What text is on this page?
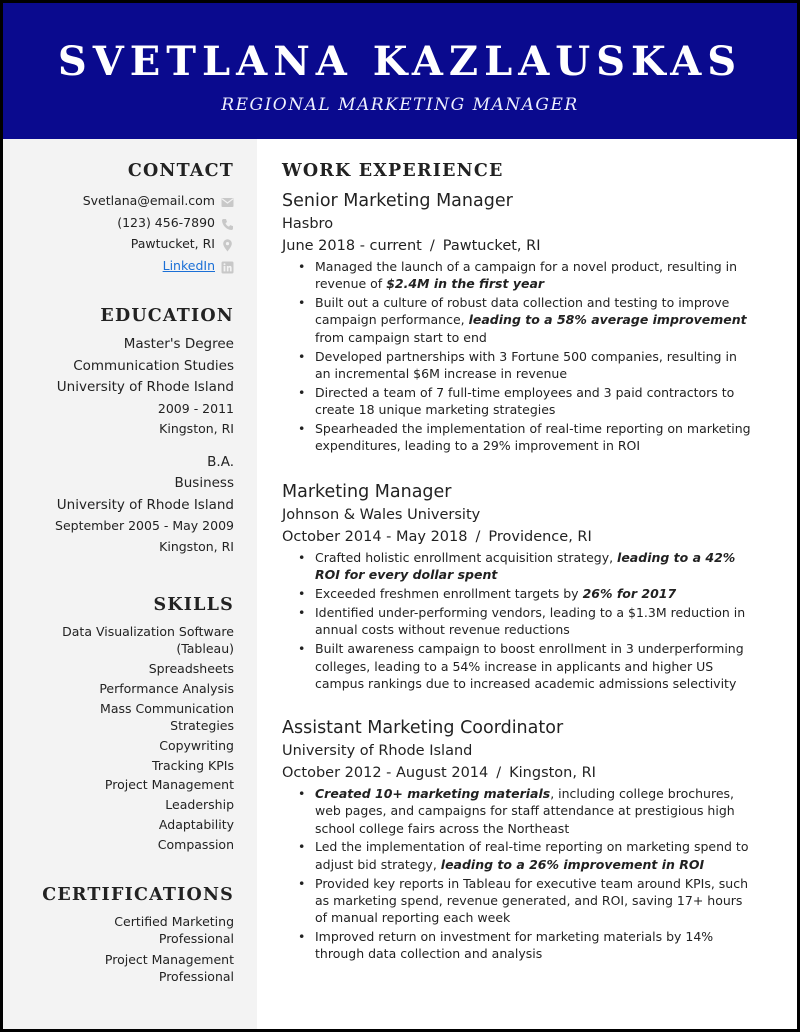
SVETLANA KAZLAUSKAS
REGIONAL MARKETING MANAGER
CONTACT
Svetlana@email.com
(123) 456-7890
Pawtucket, RI
LinkedIn
EDUCATION
Master's Degree
Communication Studies
University of Rhode Island
2009 - 2011
Kingston, RI
B.A.
Business
University of Rhode Island
September 2005 - May 2009
Kingston, RI
SKILLS
Data Visualization Software
(Tableau)
Spreadsheets
Performance Analysis
Mass Communication
Strategies
Copywriting
Tracking KPIs
Project Management
Leadership
Adaptability
Compassion
CERTIFICATIONS
Certified Marketing
Professional
Project Management
Professional
WORK EXPERIENCE
Senior Marketing Manager
Hasbro
June 2018 - current / Pawtucket, RI
• Managed the launch of a campaign for a novel product, resulting in revenue of $2.4M in the first year
• Built out a culture of robust data collection and testing to improve campaign performance, leading to a 58% average improvement from campaign start to end
• Developed partnerships with 3 Fortune 500 companies, resulting in an incremental $6M increase in revenue
• Directed a team of 7 full-time employees and 3 paid contractors to create 18 unique marketing strategies
• Spearheaded the implementation of real-time reporting on marketing expenditures, leading to a 29% improvement in ROI
Marketing Manager
Johnson & Wales University
October 2014 - May 2018 / Providence, RI
• Crafted holistic enrollment acquisition strategy, leading to a 42% ROI for every dollar spent
• Exceeded freshmen enrollment targets by 26% for 2017
• Identified under-performing vendors, leading to a $1.3M reduction in annual costs without revenue reductions
• Built awareness campaign to boost enrollment in 3 underperforming colleges, leading to a 54% increase in applicants and higher US campus rankings due to increased academic admissions selectivity
Assistant Marketing Coordinator
University of Rhode Island
October 2012 - August 2014 / Kingston, RI
• Created 10+ marketing materials, including college brochures, web pages, and campaigns for staff attendance at prestigious high school college fairs across the Northeast
• Led the implementation of real-time reporting on marketing spend to adjust bid strategy, leading to a 26% improvement in ROI
• Provided key reports in Tableau for executive team around KPIs, such as marketing spend, revenue generated, and ROI, saving 17+ hours of manual reporting each week
• Improved return on investment for marketing materials by 14% through data collection and analysis
